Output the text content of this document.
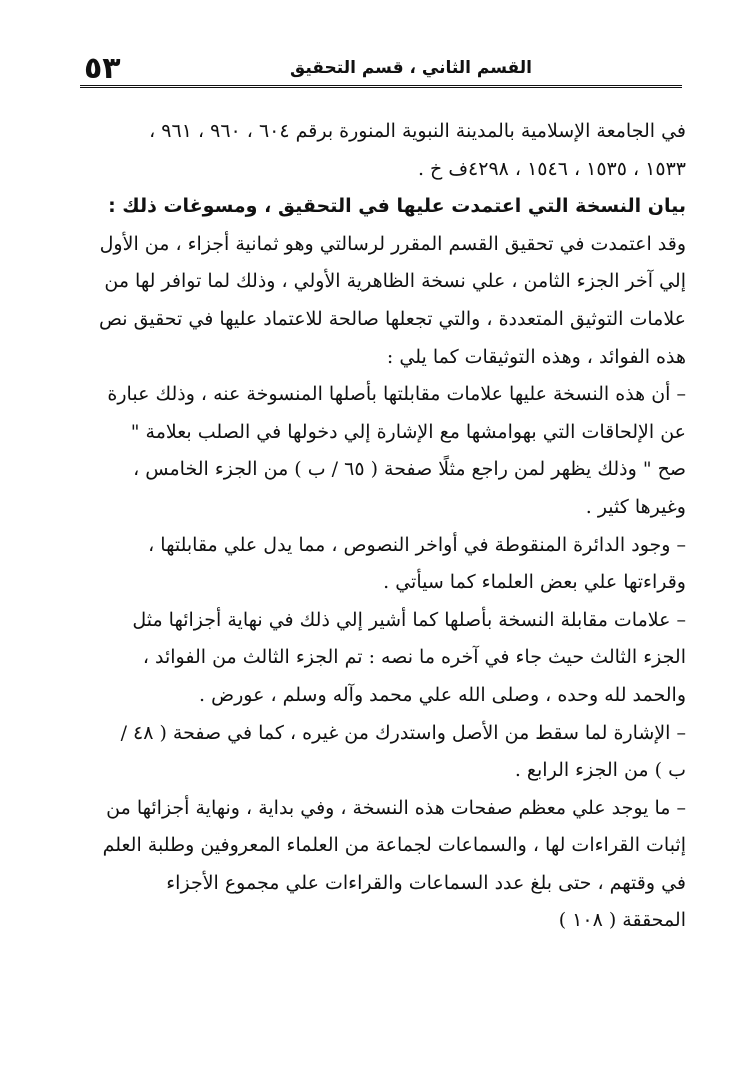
٥٣	القسم الثاني ، قسم التحقيق
في الجامعة الإسلامية بالمدينة النبوية المنورة برقم ٦٠٤ ، ٩٦٠ ، ٩٦١ ،
١٥٣٣ ، ١٥٣٥ ، ١٥٤٦ ، ٤٢٩٨ف خ .
بيان النسخة التي اعتمدت عليها في التحقيق ، ومسوغات ذلك :
وقد اعتمدت في تحقيق القسم المقرر لرسالتي وهو ثمانية أجزاء ، من الأول
إلي آخر الجزء الثامن ، علي نسخة الظاهرية الأولي ، وذلك لما توافر لها من
علامات التوثيق المتعددة ، والتي تجعلها صالحة للاعتماد عليها في تحقيق نص
هذه الفوائد ، وهذه التوثيقات كما يلي :
– أن هذه النسخة عليها علامات مقابلتها بأصلها المنسوخة عنه ، وذلك عبارة
عن الإلحاقات التي بهوامشها مع الإشارة إلي دخولها في الصلب بعلامة "
صح " وذلك يظهر لمن راجع مثلًا صفحة ( ٦٥ / ب ) من الجزء الخامس ،
وغيرها كثير .
– وجود الدائرة المنقوطة في أواخر النصوص ، مما يدل علي مقابلتها ،
وقراءتها علي بعض العلماء كما سيأتي .
– علامات مقابلة النسخة بأصلها كما أشير إلي ذلك في نهاية أجزائها مثل
الجزء الثالث حيث جاء في آخره ما نصه : تم الجزء الثالث من الفوائد ،
والحمد لله وحده ، وصلى الله علي محمد وآله وسلم ، عورض .
– الإشارة لما سقط من الأصل واستدرك من غيره ، كما في صفحة ( ٤٨ /
ب ) من الجزء الرابع .
– ما يوجد علي معظم صفحات هذه النسخة ، وفي بداية ، ونهاية أجزائها من
إثبات القراءات لها ، والسماعات لجماعة من العلماء المعروفين وطلبة العلم
في وقتهم ، حتى بلغ عدد السماعات والقراءات علي مجموع الأجزاء
المحققة ( ١٠٨ )
